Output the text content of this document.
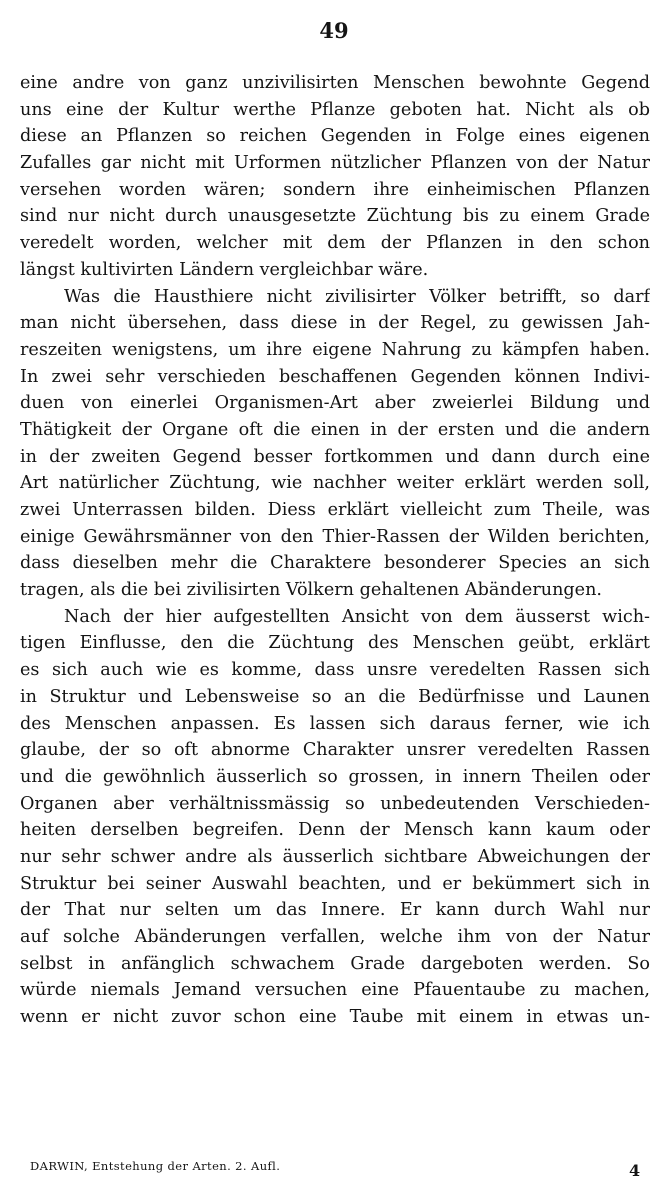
49
eine andre von ganz unzivilisirten Menschen bewohnte Gegend
uns eine der Kultur werthe Pflanze geboten hat. Nicht als ob
diese an Pflanzen so reichen Gegenden in Folge eines eigenen
Zufalles gar nicht mit Urformen nützlicher Pflanzen von der Natur
versehen worden wären; sondern ihre einheimischen Pflanzen
sind nur nicht durch unausgesetzte Züchtung bis zu einem Grade
veredelt worden, welcher mit dem der Pflanzen in den schon
längst kultivirten Ländern vergleichbar wäre.
Was die Hausthiere nicht zivilisirter Völker betrifft, so darf
man nicht übersehen, dass diese in der Regel, zu gewissen Jah-
reszeiten wenigstens, um ihre eigene Nahrung zu kämpfen haben.
In zwei sehr verschieden beschaffenen Gegenden können Indivi-
duen von einerlei Organismen-Art aber zweierlei Bildung und
Thätigkeit der Organe oft die einen in der ersten und die andern
in der zweiten Gegend besser fortkommen und dann durch eine
Art natürlicher Züchtung, wie nachher weiter erklärt werden soll,
zwei Unterrassen bilden. Diess erklärt vielleicht zum Theile, was
einige Gewährsmänner von den Thier-Rassen der Wilden berichten,
dass dieselben mehr die Charaktere besonderer Species an sich
tragen, als die bei zivilisirten Völkern gehaltenen Abänderungen.
Nach der hier aufgestellten Ansicht von dem äusserst wich-
tigen Einflusse, den die Züchtung des Menschen geübt, erklärt
es sich auch wie es komme, dass unsre veredelten Rassen sich
in Struktur und Lebensweise so an die Bedürfnisse und Launen
des Menschen anpassen. Es lassen sich daraus ferner, wie ich
glaube, der so oft abnorme Charakter unsrer veredelten Rassen
und die gewöhnlich äusserlich so grossen, in innern Theilen oder
Organen aber verhältnissmässig so unbedeutenden Verschieden-
heiten derselben begreifen. Denn der Mensch kann kaum oder
nur sehr schwer andre als äusserlich sichtbare Abweichungen der
Struktur bei seiner Auswahl beachten, und er bekümmert sich in
der That nur selten um das Innere. Er kann durch Wahl nur
auf solche Abänderungen verfallen, welche ihm von der Natur
selbst in anfänglich schwachem Grade dargeboten werden. So
würde niemals Jemand versuchen eine Pfauentaube zu machen,
wenn er nicht zuvor schon eine Taube mit einem in etwas un-
DARWIN, Entstehung der Arten. 2. Aufl.	4
